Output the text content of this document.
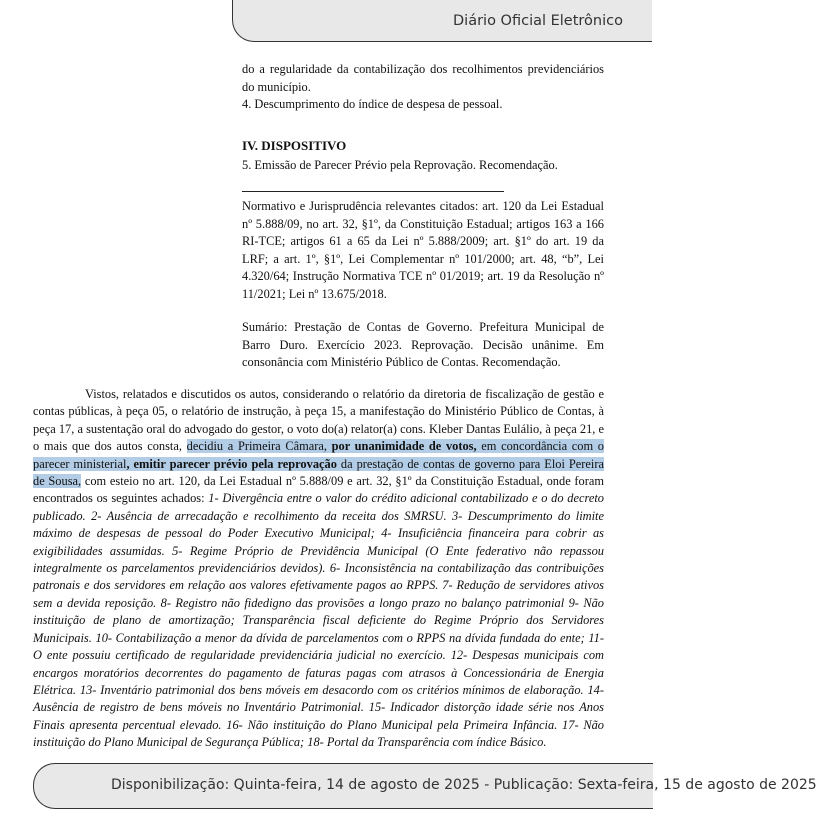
Diário Oficial Eletrônico

do a regularidade da contabilização dos recolhimentos previdenciários do município.

4. Descumprimento do índice de despesa de pessoal.

IV. DISPOSITIVO

5. Emissão de Parecer Prévio pela Reprovação. Recomendação.

Normativo e Jurisprudência relevantes citados: art. 120 da Lei Estadual nº 5.888/09, no art. 32, §1º, da Constituição Estadual; artigos 163 a 166 RI-TCE; artigos 61 a 65 da Lei nº 5.888/2009; art. §1º do art. 19 da LRF; a art. 1º, §1º, Lei Complementar nº 101/2000; art. 48, “b”, Lei 4.320/64; Instrução Normativa TCE nº 01/2019; art. 19 da Resolução nº 11/2021; Lei nº 13.675/2018.

Sumário: Prestação de Contas de Governo. Prefeitura Municipal de Barro Duro. Exercício 2023. Reprovação. Decisão unânime. Em consonância com Ministério Público de Contas. Recomendação.

Vistos, relatados e discutidos os autos, considerando o relatório da diretoria de fiscalização de gestão e contas públicas, à peça 05, o relatório de instrução, à peça 15, a manifestação do Ministério Público de Contas, à peça 17, a sustentação oral do advogado do gestor, o voto do(a) relator(a) cons. Kleber Dantas Eulálio, à peça 21, e o mais que dos autos consta, decidiu a Primeira Câmara, por unanimidade de votos, em concordância com o parecer ministerial, emitir parecer prévio pela reprovação da prestação de contas de governo para Eloi Pereira de Sousa, com esteio no art. 120, da Lei Estadual nº 5.888/09 e art. 32, §1º da Constituição Estadual, onde foram encontrados os seguintes achados: 1- Divergência entre o valor do crédito adicional contabilizado e o do decreto publicado. 2- Ausência de arrecadação e recolhimento da receita dos SMRSU. 3- Descumprimento do limite máximo de despesas de pessoal do Poder Executivo Municipal; 4- Insuficiência financeira para cobrir as exigibilidades assumidas. 5- Regime Próprio de Previdência Municipal (O Ente federativo não repassou integralmente os parcelamentos previdenciários devidos). 6- Inconsistência na contabilização das contribuições patronais e dos servidores em relação aos valores efetivamente pagos ao RPPS. 7- Redução de servidores ativos sem a devida reposição. 8- Registro não fidedigno das provisões a longo prazo no balanço patrimonial 9- Não instituição de plano de amortização; Transparência fiscal deficiente do Regime Próprio dos Servidores Municipais. 10- Contabilização a menor da dívida de parcelamentos com o RPPS na dívida fundada do ente; 11- O ente possuiu certificado de regularidade previdenciária judicial no exercício. 12- Despesas municipais com encargos moratórios decorrentes do pagamento de faturas pagas com atrasos à Concessionária de Energia Elétrica. 13- Inventário patrimonial dos bens móveis em desacordo com os critérios mínimos de elaboração. 14- Ausência de registro de bens móveis no Inventário Patrimonial. 15- Indicador distorção idade série nos Anos Finais apresenta percentual elevado. 16- Não instituição do Plano Municipal pela Primeira Infância. 17- Não instituição do Plano Municipal de Segurança Pública; 18- Portal da Transparência com índice Básico.

Disponibilização: Quinta-feira, 14 de agosto de 2025 - Publicação: Sexta-feira, 15 de agosto de 2025
